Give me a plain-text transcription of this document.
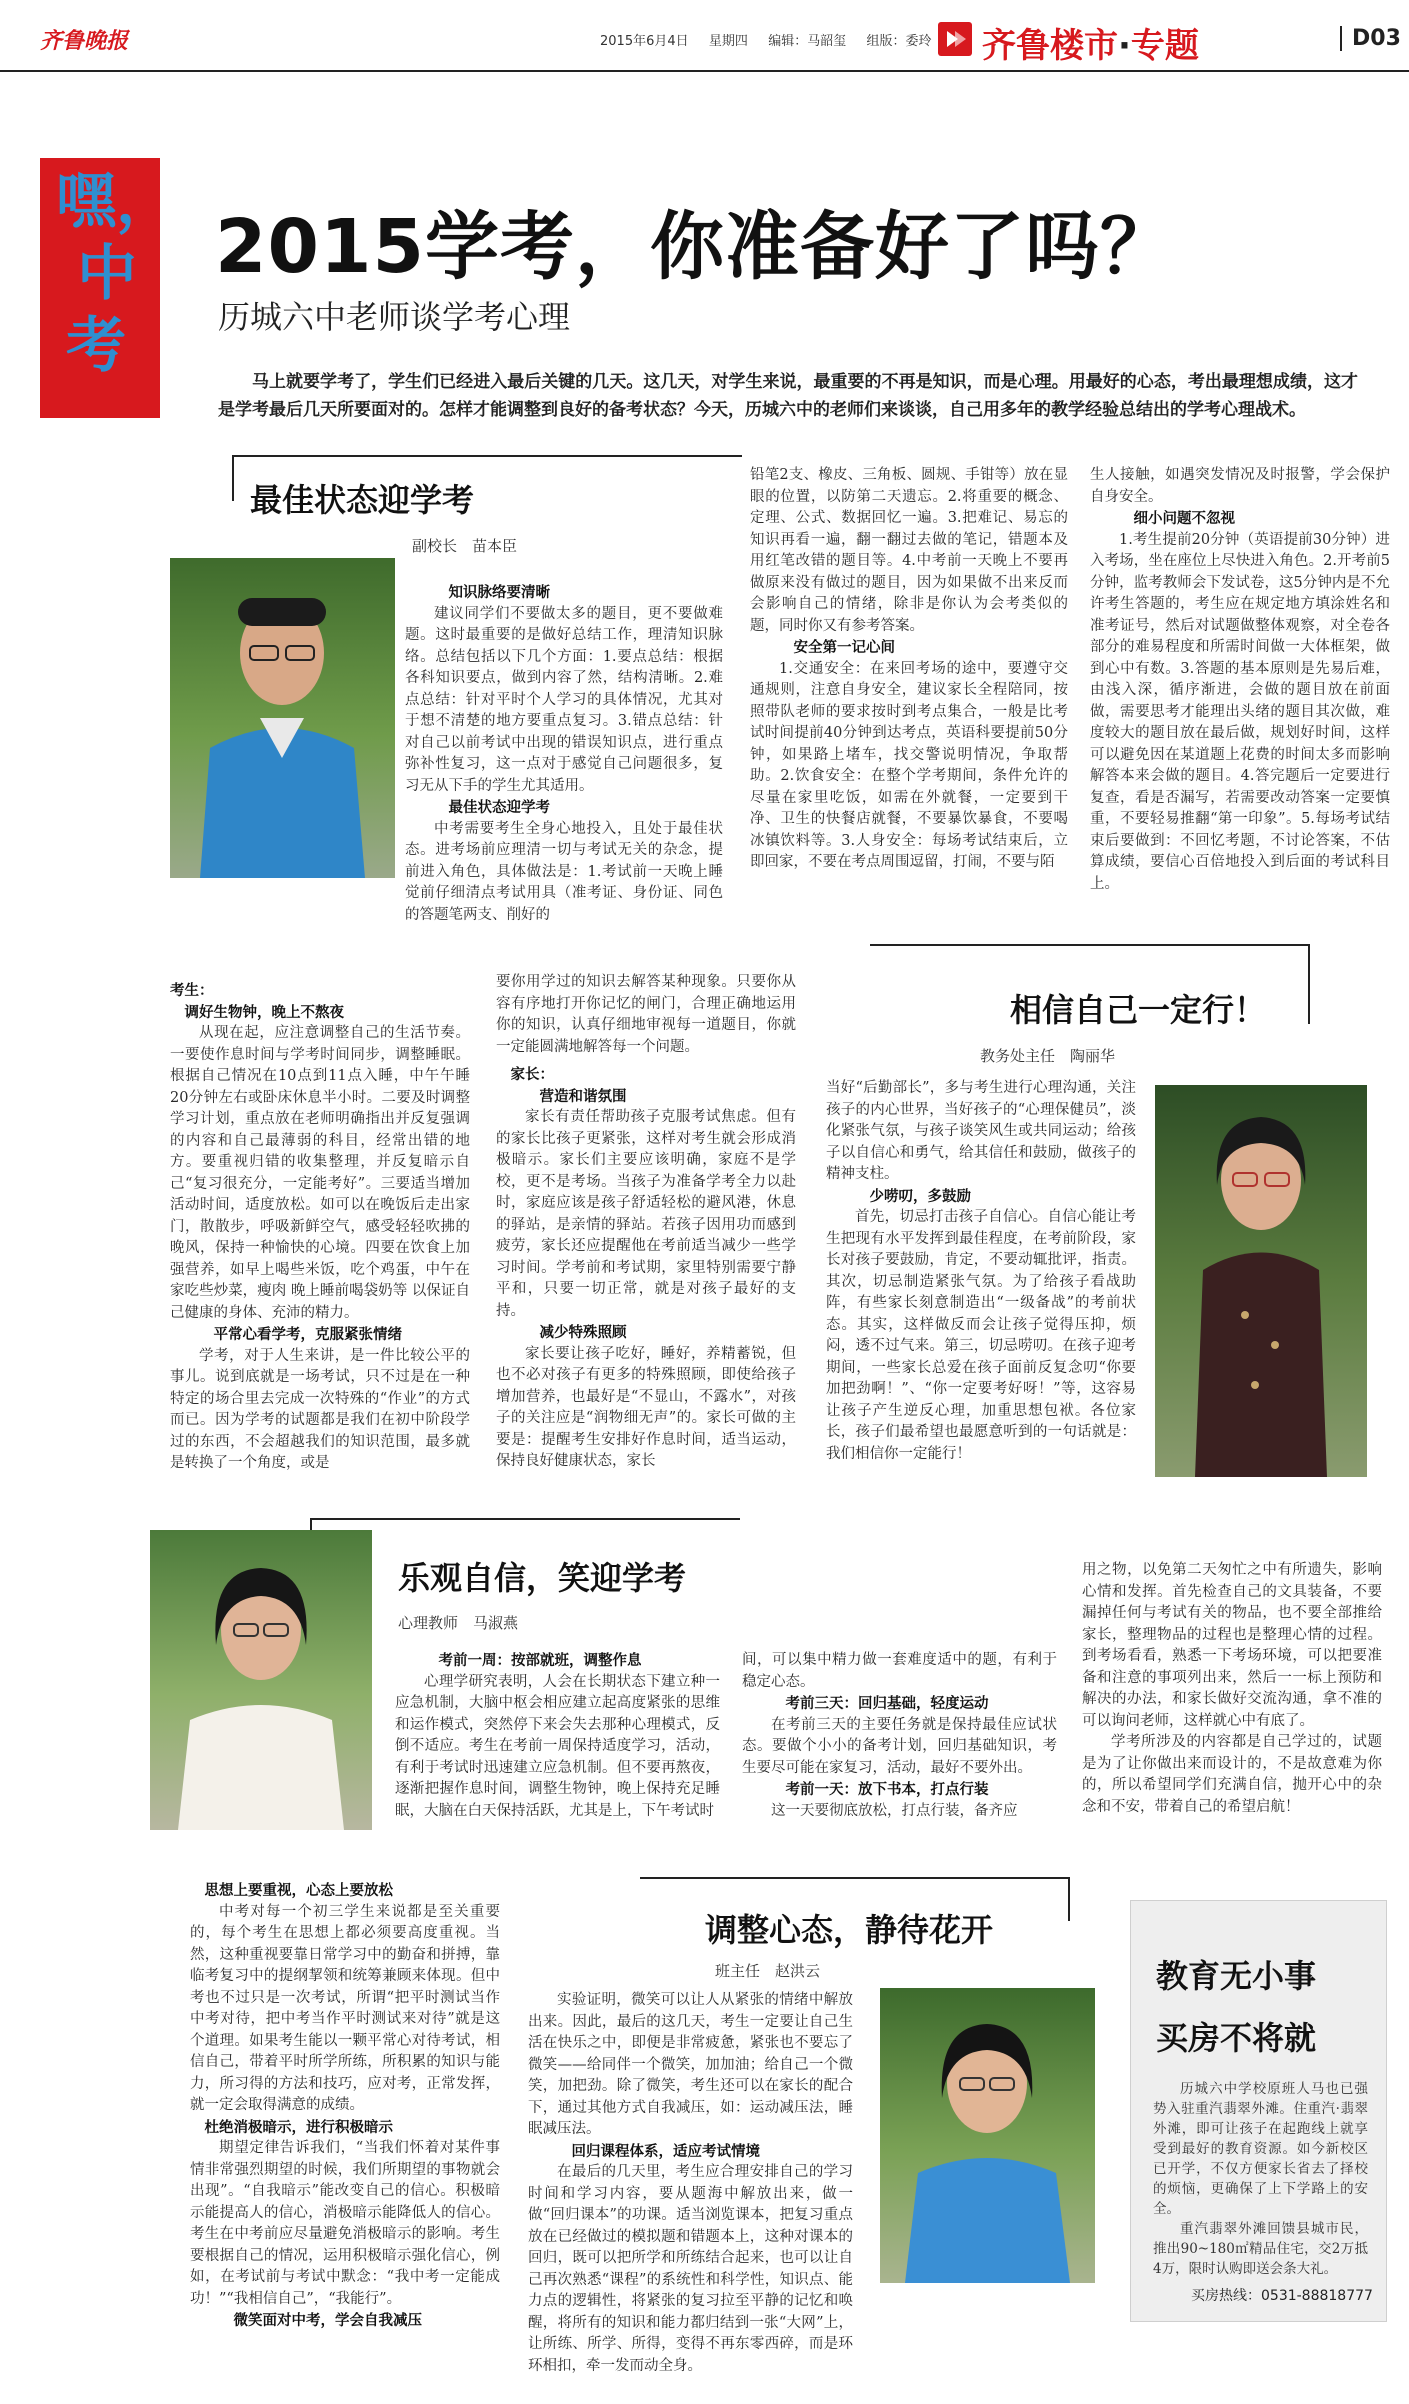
齐鲁晚报	2015年6月4日 星期四 编辑：马韶玺 组版：委玲 齐鲁楼市·专题	D03
嘿，
中
考
2015学考，你准备好了吗？
历城六中老师谈学考心理
马上就要学考了，学生们已经进入最后关键的几天。这几天，对学生来说，最重要的不再是知识，而是心理。用最好的心态，考出最理想成绩，这才是学考最后几天所要面对的。怎样才能调整到良好的备考状态？今天，历城六中的老师们来谈谈，自己用多年的教学经验总结出的学考心理战术。
最佳状态迎学考
副校长　苗本臣

知识脉络要清晰

建议同学们不要做太多的题目，更不要做难题。这时最重要的是做好总结工作，理清知识脉络。总结包括以下几个方面：1.要点总结：根据各科知识要点，做到内容了然，结构清晰。2.难点总结：针对平时个人学习的具体情况，尤其对于想不清楚的地方要重点复习。3.错点总结：针对自己以前考试中出现的错误知识点，进行重点弥补性复习，这一点对于感觉自己问题很多，复习无从下手的学生尤其适用。

最佳状态迎学考

中考需要考生全身心地投入，且处于最佳状态。进考场前应理清一切与考试无关的杂念，提前进入角色，具体做法是：1.考试前一天晚上睡觉前仔细清点考试用具（准考证、身份证、同色的答题笔两支、削好的

铅笔2支、橡皮、三角板、圆规、手钳等）放在显眼的位置，以防第二天遗忘。2.将重要的概念、定理、公式、数据回忆一遍。3.把难记、易忘的知识再看一遍，翻一翻过去做的笔记，错题本及用红笔改错的题目等。4.中考前一天晚上不要再做原来没有做过的题目，因为如果做不出来反而会影响自己的情绪，除非是你认为会考类似的题，同时你又有参考答案。

安全第一记心间

1.交通安全：在来回考场的途中，要遵守交通规则，注意自身安全，建议家长全程陪同，按照带队老师的要求按时到考点集合，一般是比考试时间提前40分钟到达考点，英语科要提前50分钟，如果路上堵车，找交警说明情况，争取帮助。2.饮食安全：在整个学考期间，条件允许的尽量在家里吃饭，如需在外就餐，一定要到干净、卫生的快餐店就餐，不要暴饮暴食，不要喝冰镇饮料等。3.人身安全：每场考试结束后，立即回家，不要在考点周围逗留，打闹，不要与陌

生人接触，如遇突发情况及时报警，学会保护自身安全。

细小问题不忽视

1.考生提前20分钟（英语提前30分钟）进入考场，坐在座位上尽快进入角色。2.开考前5分钟，监考教师会下发试卷，这5分钟内是不允许考生答题的，考生应在规定地方填涂姓名和准考证号，然后对试题做整体观察，对全卷各部分的难易程度和所需时间做一大体框架，做到心中有数。3.答题的基本原则是先易后难，由浅入深，循序渐进，会做的题目放在前面做，需要思考才能理出头绪的题目其次做，难度较大的题目放在最后做，规划好时间，这样可以避免因在某道题上花费的时间太多而影响解答本来会做的题目。4.答完题后一定要进行复查，看是否漏写，若需要改动答案一定要慎重，不要轻易推翻“第一印象”。5.每场考试结束后要做到：不回忆考题，不讨论答案，不估算成绩，要信心百倍地投入到后面的考试科目上。

相信自己一定行！
教务处主任　陶丽华

考生：

调好生物钟，晚上不熬夜

从现在起，应注意调整自己的生活节奏。一要使作息时间与学考时间同步，调整睡眠。根据自己情况在10点到11点入睡，中午午睡20分钟左右或卧床休息半小时。二要及时调整学习计划，重点放在老师明确指出并反复强调的内容和自己最薄弱的科目，经常出错的地方。要重视归错的收集整理，并反复暗示自己“复习很充分，一定能考好”。三要适当增加活动时间，适度放松。如可以在晚饭后走出家门，散散步，呼吸新鲜空气，感受轻轻吹拂的晚风，保持一种愉快的心境。四要在饮食上加强营养，如早上喝些米饭，吃个鸡蛋，中午在家吃些炒菜，瘦肉 晚上睡前喝袋奶等 以保证自己健康的身体、充沛的精力。

平常心看学考，克服紧张情绪

学考，对于人生来讲，是一件比较公平的事儿。说到底就是一场考试，只不过是在一种特定的场合里去完成一次特殊的“作业”的方式而已。因为学考的试题都是我们在初中阶段学过的东西，不会超越我们的知识范围，最多就是转换了一个角度，或是

要你用学过的知识去解答某种现象。只要你从容有序地打开你记忆的闸门，合理正确地运用你的知识，认真仔细地审视每一道题目，你就一定能圆满地解答每一个问题。

家长：

营造和谐氛围

家长有责任帮助孩子克服考试焦虑。但有的家长比孩子更紧张，这样对考生就会形成消极暗示。家长们主要应该明确，家庭不是学校，更不是考场。当孩子为准备学考全力以赴时，家庭应该是孩子舒适轻松的避风港，休息的驿站，是亲情的驿站。若孩子因用功而感到疲劳，家长还应提醒他在考前适当减少一些学习时间。学考前和考试期，家里特别需要宁静平和，只要一切正常，就是对孩子最好的支持。

减少特殊照顾

家长要让孩子吃好，睡好，养精蓄锐，但也不必对孩子有更多的特殊照顾，即使给孩子增加营养，也最好是“不显山，不露水”，对孩子的关注应是“润物细无声”的。家长可做的主要是：提醒考生安排好作息时间，适当运动，保持良好健康状态，家长

当好“后勤部长”，多与考生进行心理沟通，关注孩子的内心世界，当好孩子的“心理保健员”，淡化紧张气氛，与孩子谈笑风生或共同运动；给孩子以自信心和勇气，给其信任和鼓励，做孩子的精神支柱。

少唠叨，多鼓励

首先，切忌打击孩子自信心。自信心能让考生把现有水平发挥到最佳程度，在考前阶段，家长对孩子要鼓励，肯定，不要动辄批评，指责。其次，切忌制造紧张气氛。为了给孩子看战助阵，有些家长刻意制造出“一级备战”的考前状态。其实，这样做反而会让孩子觉得压抑，烦闷，透不过气来。第三，切忌唠叨。在孩子迎考期间，一些家长总爱在孩子面前反复念叨“你要加把劲啊！”、“你一定要考好呀！”等，这容易让孩子产生逆反心理，加重思想包袱。各位家长，孩子们最希望也最愿意听到的一句话就是：我们相信你一定能行！

乐观自信，笑迎学考
心理教师　马淑燕

考前一周：按部就班，调整作息

心理学研究表明，人会在长期状态下建立种一应急机制，大脑中枢会相应建立起高度紧张的思维和运作模式，突然停下来会失去那种心理模式，反倒不适应。考生在考前一周保持适度学习，活动，有利于考试时迅速建立应急机制。但不要再熬夜，逐渐把握作息时间，调整生物钟，晚上保持充足睡眠，大脑在白天保持活跃，尤其是上，下午考试时

间，可以集中精力做一套难度适中的题，有利于稳定心态。

考前三天：回归基础，轻度运动

在考前三天的主要任务就是保持最佳应试状态。要做个小小的备考计划，回归基础知识，考生要尽可能在家复习，活动，最好不要外出。

考前一天：放下书本，打点行装

这一天要彻底放松，打点行装，备齐应

用之物，以免第二天匆忙之中有所遗失，影响心情和发挥。首先检查自己的文具装备，不要漏掉任何与考试有关的物品，也不要全部推给家长，整理物品的过程也是整理心情的过程。到考场看看，熟悉一下考场环境，可以把要准备和注意的事项列出来，然后一一标上预防和解决的办法，和家长做好交流沟通，拿不准的可以询问老师，这样就心中有底了。

学考所涉及的内容都是自己学过的，试题是为了让你做出来而设计的，不是故意难为你的，所以希望同学们充满自信，抛开心中的杂念和不安，带着自己的希望启航！

调整心态，静待花开
班主任　赵洪云

思想上要重视，心态上要放松

中考对每一个初三学生来说都是至关重要的，每个考生在思想上都必须要高度重视。当然，这种重视要靠日常学习中的勤奋和拼搏，靠临考复习中的提纲挈领和统筹兼顾来体现。但中考也不过只是一次考试，所谓“把平时测试当作中考对待，把中考当作平时测试来对待”就是这个道理。如果考生能以一颗平常心对待考试，相信自己，带着平时所学所练，所积累的知识与能力，所习得的方法和技巧，应对考，正常发挥，就一定会取得满意的成绩。

杜绝消极暗示，进行积极暗示

期望定律告诉我们，“当我们怀着对某件事情非常强烈期望的时候，我们所期望的事物就会出现”。“自我暗示”能改变自己的信心。积极暗示能提高人的信心，消极暗示能降低人的信心。考生在中考前应尽量避免消极暗示的影响。考生要根据自己的情况，运用积极暗示强化信心，例如，在考试前与考试中默念：“我中考一定能成功！”“我相信自己”，“我能行”。

微笑面对中考，学会自我减压

实验证明，微笑可以让人从紧张的情绪中解放出来。因此，最后的这几天，考生一定要让自己生活在快乐之中，即便是非常疲惫，紧张也不要忘了微笑——给同伴一个微笑，加加油；给自己一个微笑，加把劲。除了微笑，考生还可以在家长的配合下，通过其他方式自我减压，如：运动减压法，睡眠减压法。

回归课程体系，适应考试情境

在最后的几天里，考生应合理安排自己的学习时间和学习内容，要从题海中解放出来，做一做“回归课本”的功课。适当浏览课本，把复习重点放在已经做过的模拟题和错题本上，这种对课本的回归，既可以把所学和所练结合起来，也可以让自己再次熟悉“课程”的系统性和科学性，知识点、能力点的逻辑性，将紧张的复习拉至平静的记忆和唤醒，将所有的知识和能力都归结到一张“大网”上，让所练、所学、所得，变得不再东零西碎，而是环环相扣，牵一发而动全身。

教育无小事
买房不将就
历城六中学校原班人马也已强势入驻重汽翡翠外滩。住重汽·翡翠外滩，即可让孩子在起跑线上就享受到最好的教育资源。如今新校区已开学，不仅方便家长省去了择校的烦恼，更确保了上下学路上的安全。
重汽翡翠外滩回馈县城市民，推出90~180㎡精品住宅，交2万抵4万，限时认购即送会条大礼。
买房热线：0531-88818777
